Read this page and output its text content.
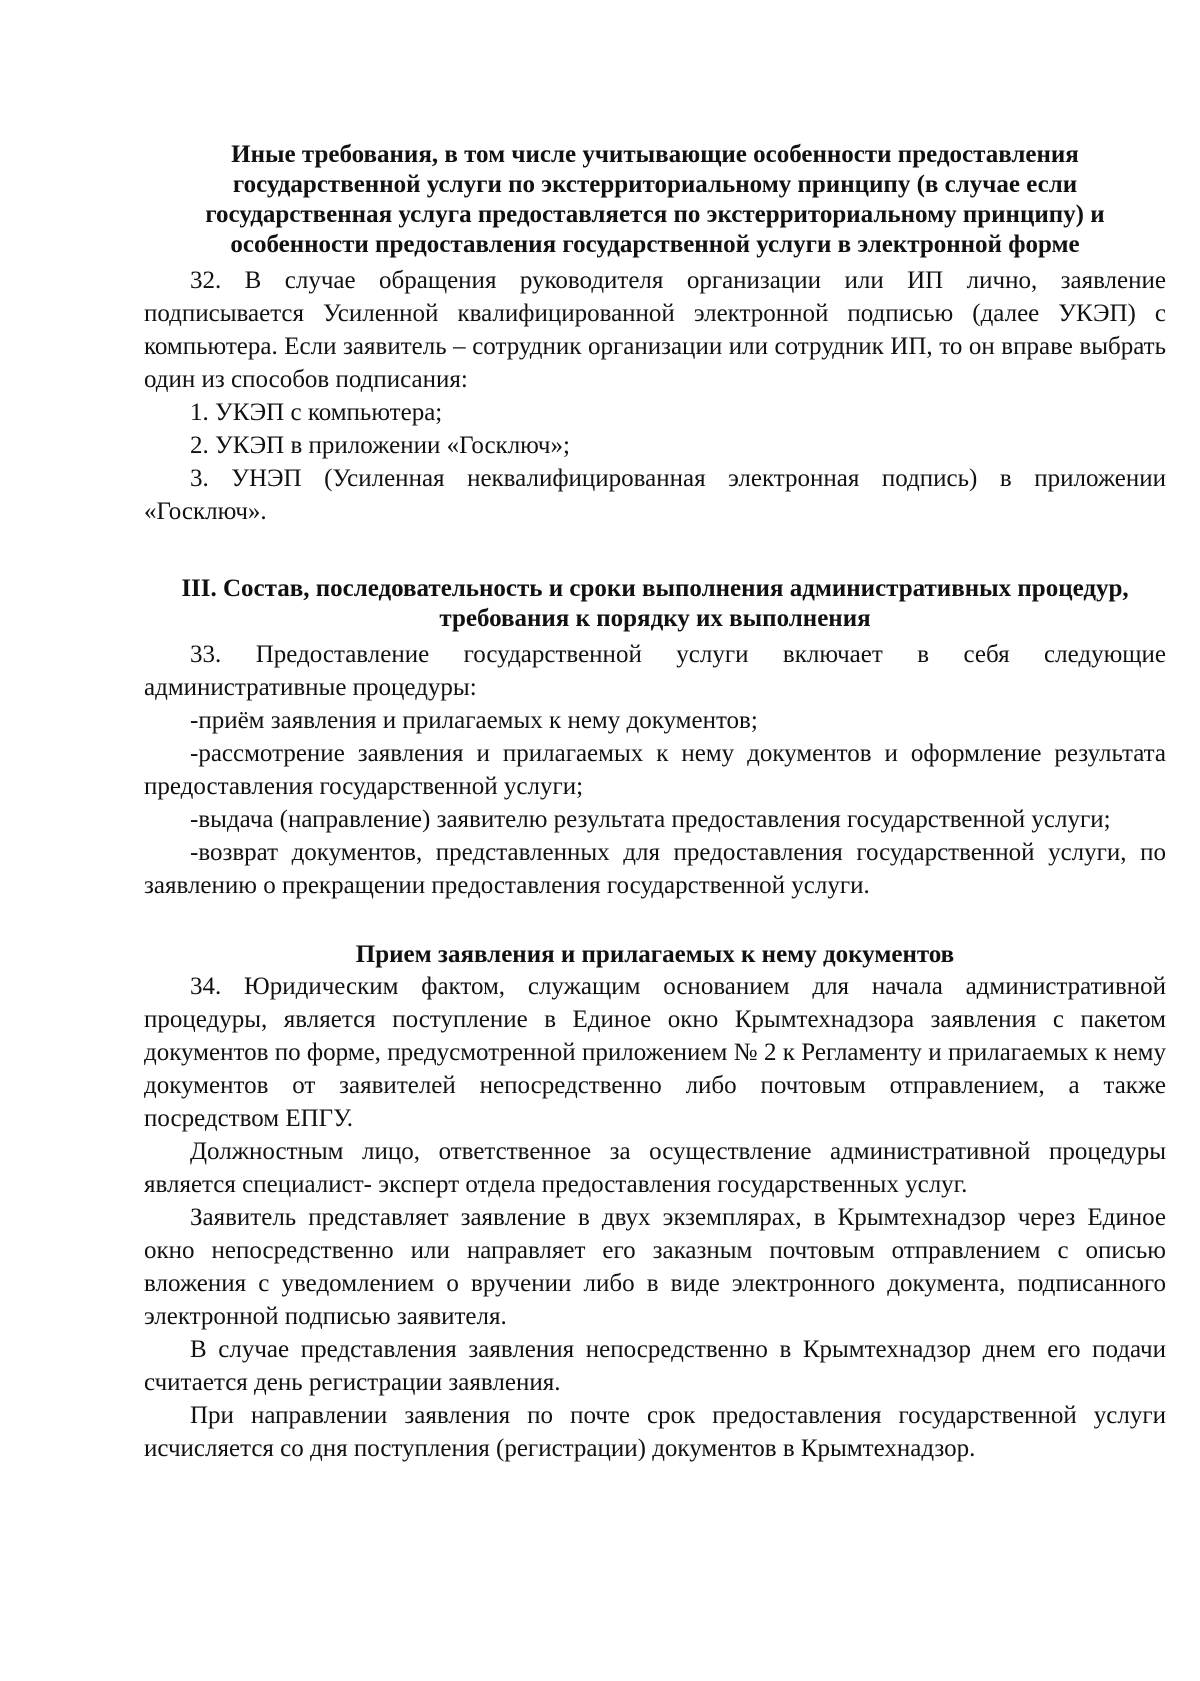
Иные требования, в том числе учитывающие особенности предоставления государственной услуги по экстерриториальному принципу (в случае если государственная услуга предоставляется по экстерриториальному принципу) и особенности предоставления государственной услуги в электронной форме

32. В случае обращения руководителя организации или ИП лично, заявление подписывается Усиленной квалифицированной электронной подписью (далее УКЭП) с компьютера. Если заявитель – сотрудник организации или сотрудник ИП, то он вправе выбрать один из способов подписания:

1. УКЭП с компьютера;

2. УКЭП в приложении «Госключ»;

3. УНЭП (Усиленная неквалифицированная электронная подпись) в приложении «Госключ».

III. Состав, последовательность и сроки выполнения административных процедур, требования к порядку их выполнения

33. Предоставление государственной услуги включает в себя следующие административные процедуры:

-приём заявления и прилагаемых к нему документов;

-рассмотрение заявления и прилагаемых к нему документов и оформление результата предоставления государственной услуги;

-выдача (направление) заявителю результата предоставления государственной услуги;

-возврат документов, представленных для предоставления государственной услуги, по заявлению о прекращении предоставления государственной услуги.

Прием заявления и прилагаемых к нему документов

34. Юридическим фактом, служащим основанием для начала административной процедуры, является поступление в Единое окно Крымтехнадзора заявления с пакетом документов по форме, предусмотренной приложением № 2 к Регламенту и прилагаемых к нему документов от заявителей непосредственно либо почтовым отправлением, а также посредством ЕПГУ.

Должностным лицо, ответственное за осуществление административной процедуры является специалист- эксперт отдела предоставления государственных услуг.

Заявитель представляет заявление в двух экземплярах, в Крымтехнадзор через Единое окно непосредственно или направляет его заказным почтовым отправлением с описью вложения с уведомлением о вручении либо в виде электронного документа, подписанного электронной подписью заявителя.

В случае представления заявления непосредственно в Крымтехнадзор днем его подачи считается день регистрации заявления.

При направлении заявления по почте срок предоставления государственной услуги исчисляется со дня поступления (регистрации) документов в Крымтехнадзор.
